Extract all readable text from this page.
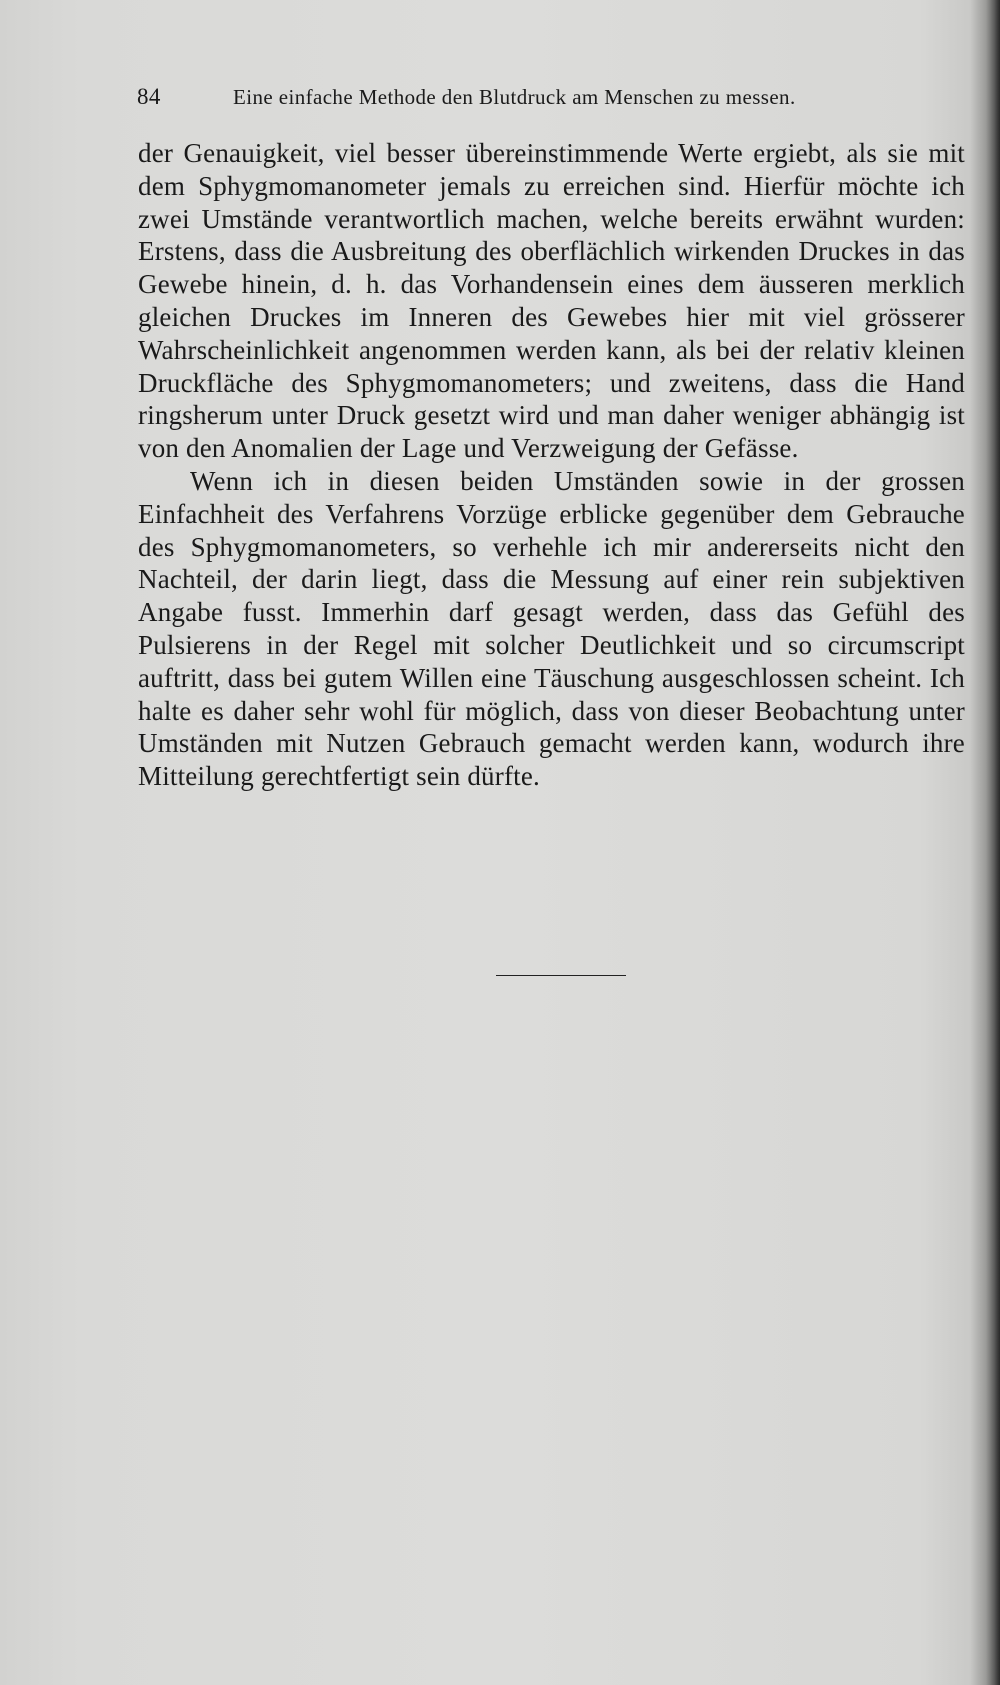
84	Eine einfache Methode den Blutdruck am Menschen zu messen.

der Genauigkeit, viel besser übereinstimmende Werte ergiebt, als sie mit dem Sphygmomanometer jemals zu erreichen sind. Hierfür möchte ich zwei Umstände verantwortlich machen, welche bereits erwähnt wurden: Erstens, dass die Ausbreitung des oberflächlich wirkenden Druckes in das Gewebe hinein, d. h. das Vorhandensein eines dem äusseren merklich gleichen Druckes im Inneren des Gewebes hier mit viel grösserer Wahrscheinlichkeit angenommen werden kann, als bei der relativ kleinen Druckfläche des Sphygmomanometers; und zweitens, dass die Hand ringsherum unter Druck gesetzt wird und man daher weniger abhängig ist von den Anomalien der Lage und Verzweigung der Gefässe.

Wenn ich in diesen beiden Umständen sowie in der grossen Einfachheit des Verfahrens Vorzüge erblicke gegenüber dem Gebrauche des Sphygmomanometers, so verhehle ich mir andererseits nicht den Nachteil, der darin liegt, dass die Messung auf einer rein subjektiven Angabe fusst. Immerhin darf gesagt werden, dass das Gefühl des Pulsierens in der Regel mit solcher Deutlichkeit und so circumscript auftritt, dass bei gutem Willen eine Täuschung ausgeschlossen scheint. Ich halte es daher sehr wohl für möglich, dass von dieser Beobachtung unter Umständen mit Nutzen Gebrauch gemacht werden kann, wodurch ihre Mitteilung gerechtfertigt sein dürfte.
